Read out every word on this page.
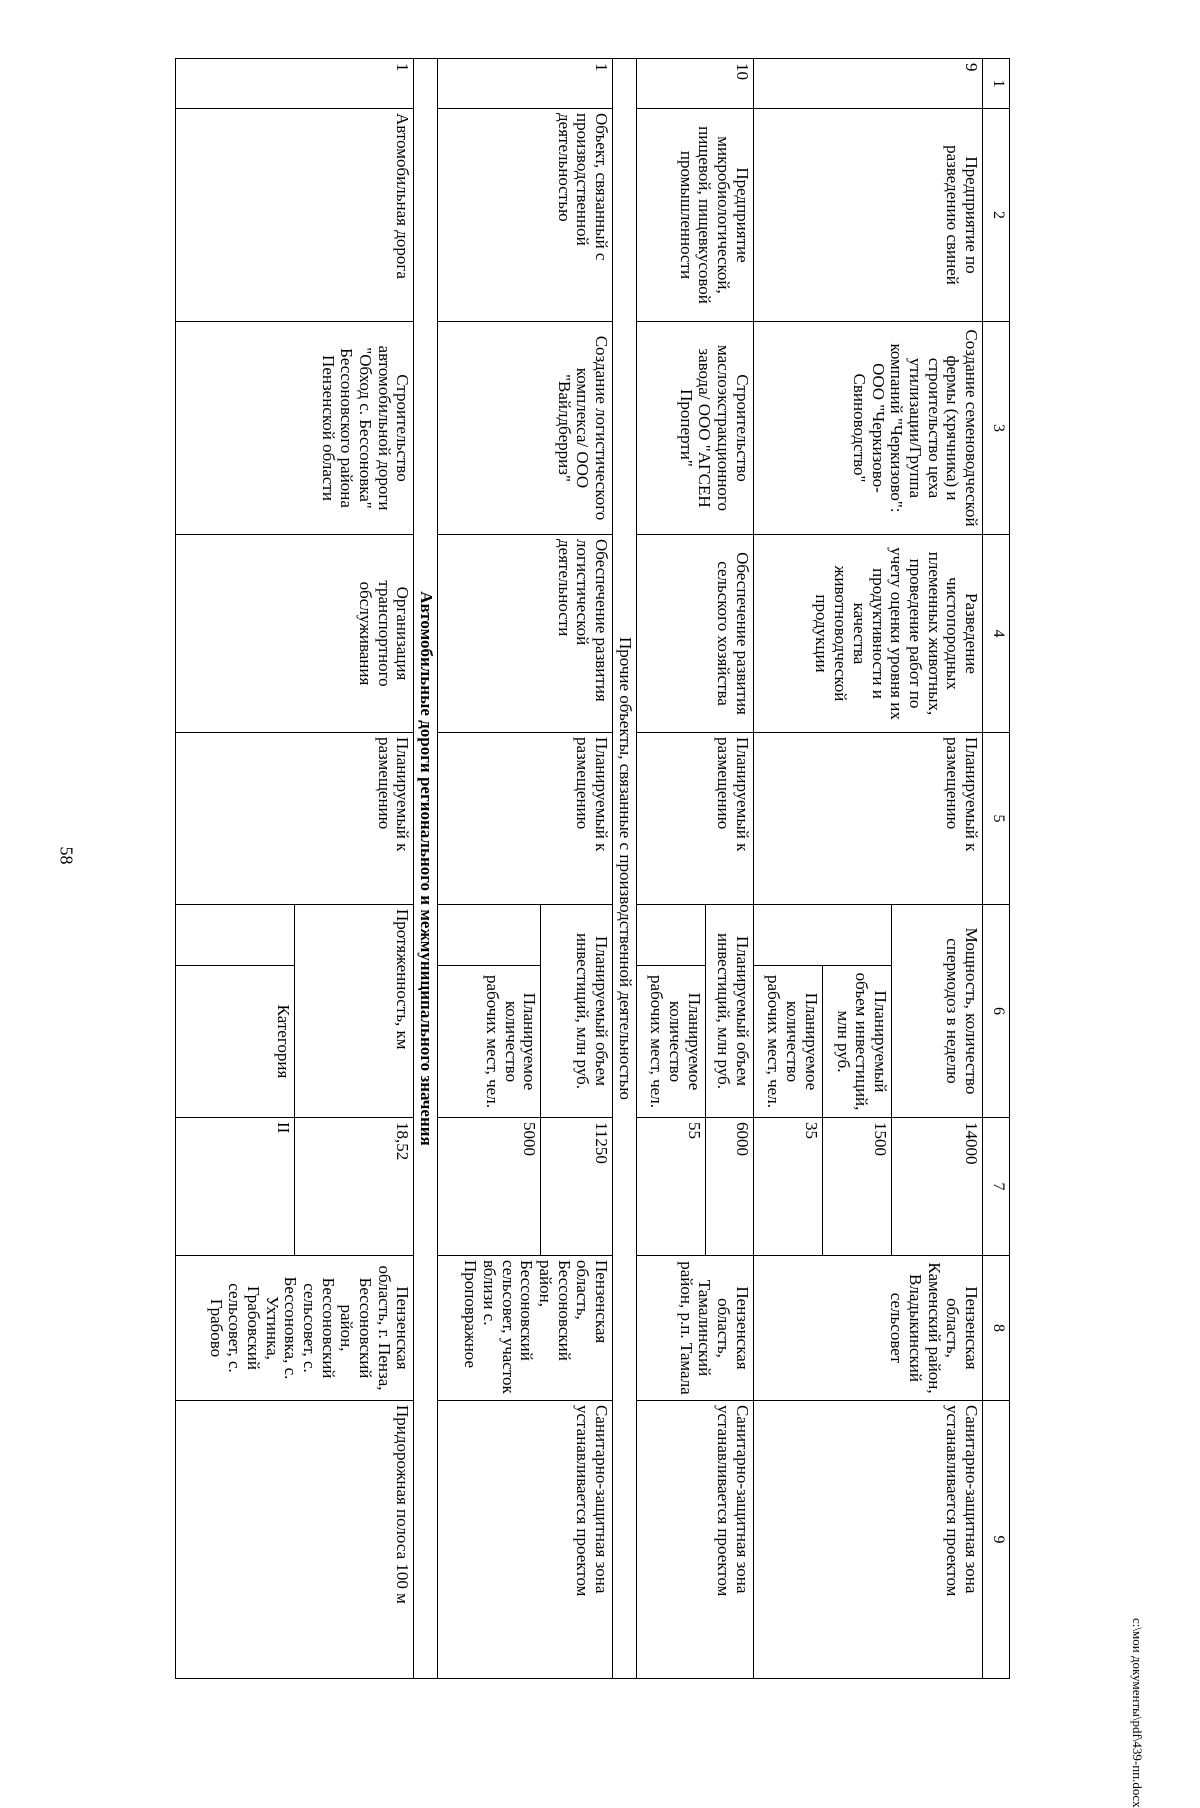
58
1	2	3	4	5	6		7	8	9
9	Предприятие по разведению свиней	Создание семеноводческой фермы (хрячника) и строительство цеха утилизации/Группа компаний "Черкизово": ООО "Черкизово-Свиноводство"	Разведение чистопородных племенных животных, проведение работ по учету оценки уровня их продуктивности и качества животноводческой продукции	Планируемый к размещению	Мощность, количество спермодоз в неделю		14000	Пензенская область, Каменский район, Владыкинский сельсовет	Санитарно-защитная зона устанавливается проектом
						Планируемый объем инвестиций, млн руб.	1500		
						Планируемое количество рабочих мест, чел.	35		
10	Предприятие микробиологической, пищевой, пищевкусовой промышленности	Строительство маслоэкстракционного завода/ ООО "АГСЕН Проперти"	Обеспечение развития сельского хозяйства	Планируемый к размещению	Планируемый объем инвестиций, млн руб.		6000	Пензенская область, Тамалинский район, р.п. Тамала	Санитарно-защитная зона устанавливается проектом
						Планируемое количество рабочих мест, чел.	55		
Прочие объекты, связанные с производственной деятельностью									
1	Объект, связанный с производственной деятельностью	Создание логистического комплекса/ ООО "Вайлдберриз"	Обеспечение развития логистической деятельности	Планируемый к размещению	Планируемый объем инвестиций, млн руб.		11250	Пензенская область, Бессоновский район, Бессоновский сельсовет, участок вблизи с. Проповражное	Санитарно-защитная зона устанавливается проектом
						Планируемое количество рабочих мест, чел.	5000		
Автомобильные дороги регионального и межмуниципального значения									
1	Автомобильная дорога	Строительство автомобильной дороги "Обход с. Бессоновка" Бессоновского района Пензенской области	Организация транспортного обслуживания	Планируемый к размещению	Протяженность, км		18,52	Пензенская область, г. Пенза, Бессоновский район, Бессоновский сельсовет, с. Бессоновка, с. Ухтинка, Грабовский сельсовет, с. Грабово	Придорожная полоса 100 м
						Категория	II		
c:\мои документы\pdf\439-пп.docx
